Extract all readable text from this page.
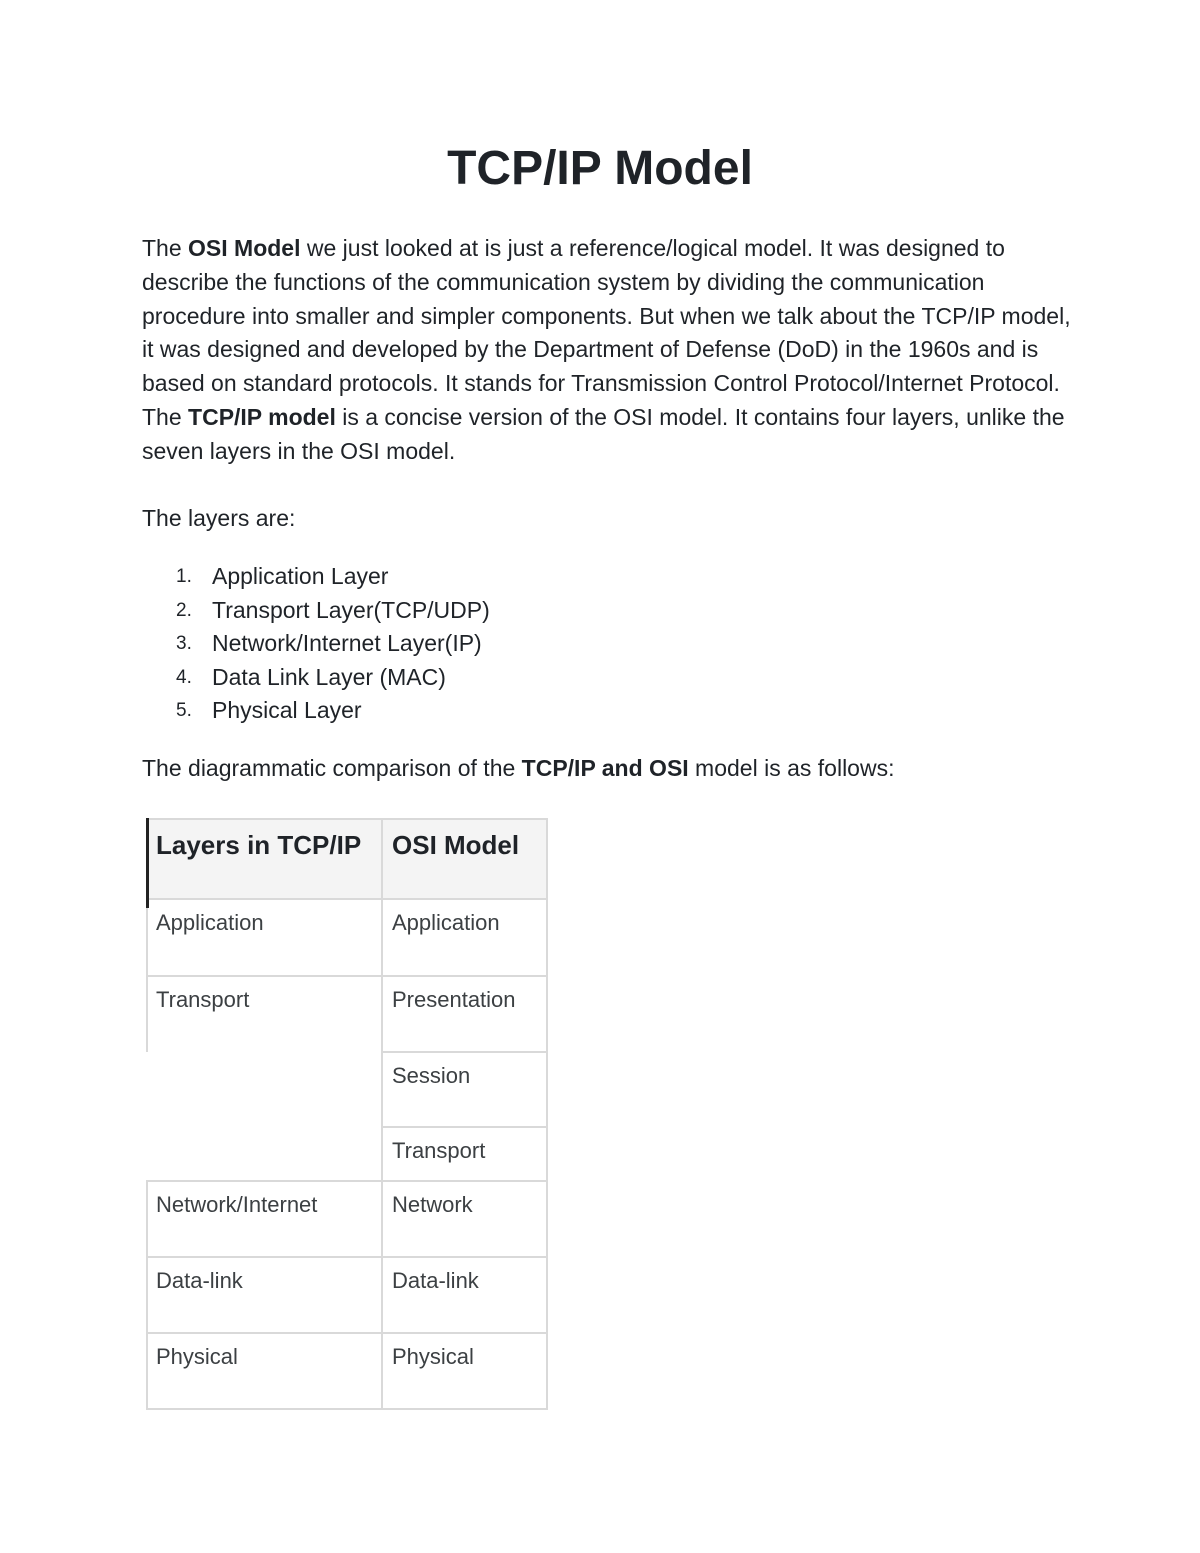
TCP/IP Model

The OSI Model we just looked at is just a reference/logical model. It was designed to describe the functions of the communication system by dividing the communication procedure into smaller and simpler components. But when we talk about the TCP/IP model, it was designed and developed by the Department of Defense (DoD) in the 1960s and is based on standard protocols. It stands for Transmission Control Protocol/Internet Protocol. The TCP/IP model is a concise version of the OSI model. It contains four layers, unlike the seven layers in the OSI model.

The layers are:

1. Application Layer
2. Transport Layer(TCP/UDP)
3. Network/Internet Layer(IP)
4. Data Link Layer (MAC)
5. Physical Layer

The diagrammatic comparison of the TCP/IP and OSI model is as follows:

Layers in TCP/IP	OSI Model
Application
Transport
Network/Internet
Data-link
Physical
Application
Presentation
Session
Transport
Network
Data-link
Physical
